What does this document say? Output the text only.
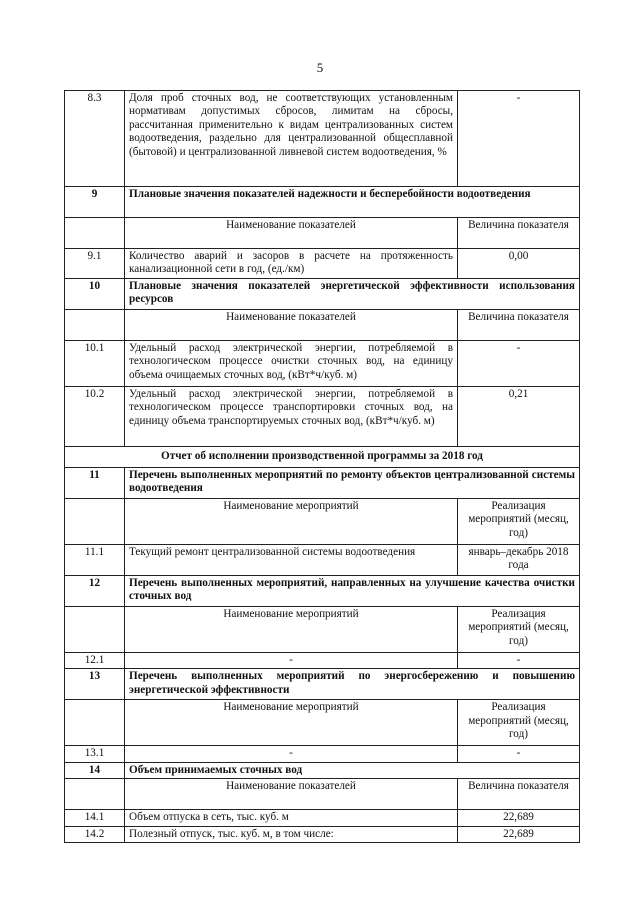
5
8.3	Доля проб сточных вод, не соответствующих установленным нормативам допустимых сбросов, лимитам на сбросы, рассчитанная применительно к видам централизованных систем водоотведения, раздельно для централизованной общесплавной (бытовой) и централизованной ливневой систем водоотведения, %	-
9	Плановые значения показателей надежности и бесперебойности водоотведения	
	Наименование показателей	Величина показателя
9.1	Количество аварий и засоров в расчете на протяженность канализационной сети в год, (ед./км)	0,00
10	Плановые значения показателей энергетической эффективности использования ресурсов	
	Наименование показателей	Величина показателя
10.1	Удельный расход электрической энергии, потребляемой в технологическом процессе очистки сточных вод, на единицу объема очищаемых сточных вод, (кВт*ч/куб. м)	-
10.2	Удельный расход электрической энергии, потребляемой в технологическом процессе транспортировки сточных вод, на единицу объема транспортируемых сточных вод, (кВт*ч/куб. м)	0,21
Отчет об исполнении производственной программы за 2018 год		
11	Перечень выполненных мероприятий по ремонту объектов централизованной системы водоотведения	
	Наименование мероприятий	Реализация мероприятий (месяц, год)
11.1	Текущий ремонт централизованной системы водоотведения	январь–декабрь 2018 года
12	Перечень выполненных мероприятий, направленных на улучшение качества очистки сточных вод	
	Наименование мероприятий	Реализация мероприятий (месяц, год)
12.1	-	-
13	Перечень выполненных мероприятий по энергосбережению и повышению энергетической эффективности	
	Наименование мероприятий	Реализация мероприятий (месяц, год)
13.1	-	-
14	Объем принимаемых сточных вод	
	Наименование показателей	Величина показателя
14.1	Объем отпуска в сеть, тыс. куб. м	22,689
14.2	Полезный отпуск, тыс. куб. м, в том числе:	22,689
